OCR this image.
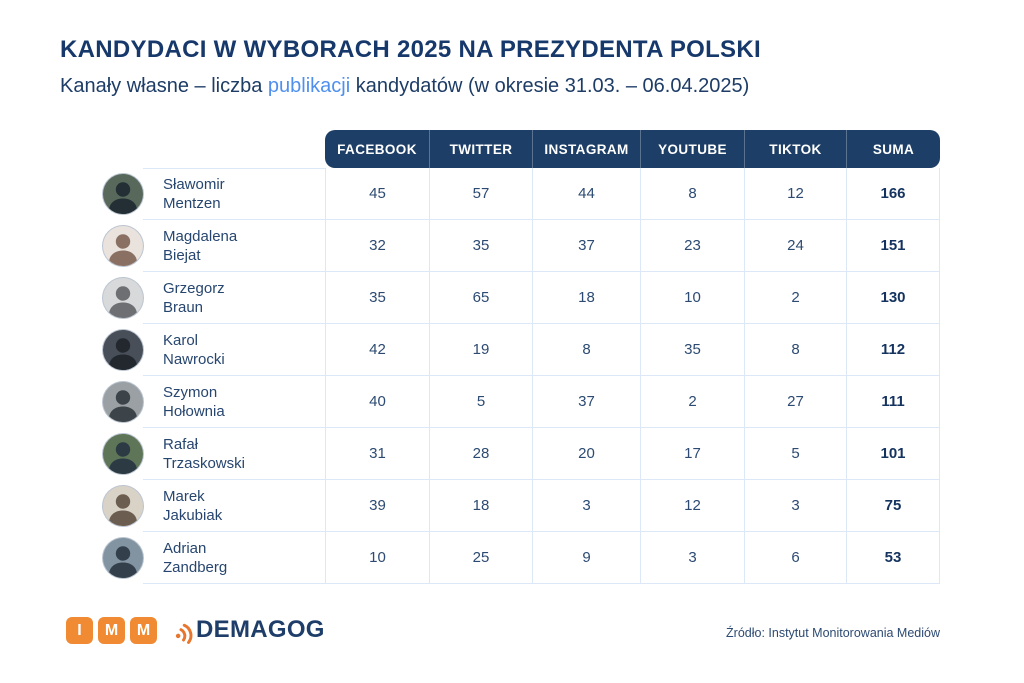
KANDYDACI W WYBORACH 2025 NA PREZYDENTA POLSKI
Kanały własne – liczba publikacji kandydatów (w okresie 31.03. – 06.04.2025)
FACEBOOK	TWITTER	INSTAGRAM	YOUTUBE	TIKTOK	SUMA
Sławomir
Mentzen
45	57	44	8	12	166
Magdalena
Biejat
32	35	37	23	24	151
Grzegorz
Braun
35	65	18	10	2	130
Karol
Nawrocki
42	19	8	35	8	112
Szymon
Hołownia
40	5	37	2	27	111
Rafał
Trzaskowski
31	28	20	17	5	101
Marek
Jakubiak
39	18	3	12	3	75
Adrian
Zandberg
10	25	9	3	6	53
I	M	M DEMAGOG	Źródło: Instytut Monitorowania Mediów
